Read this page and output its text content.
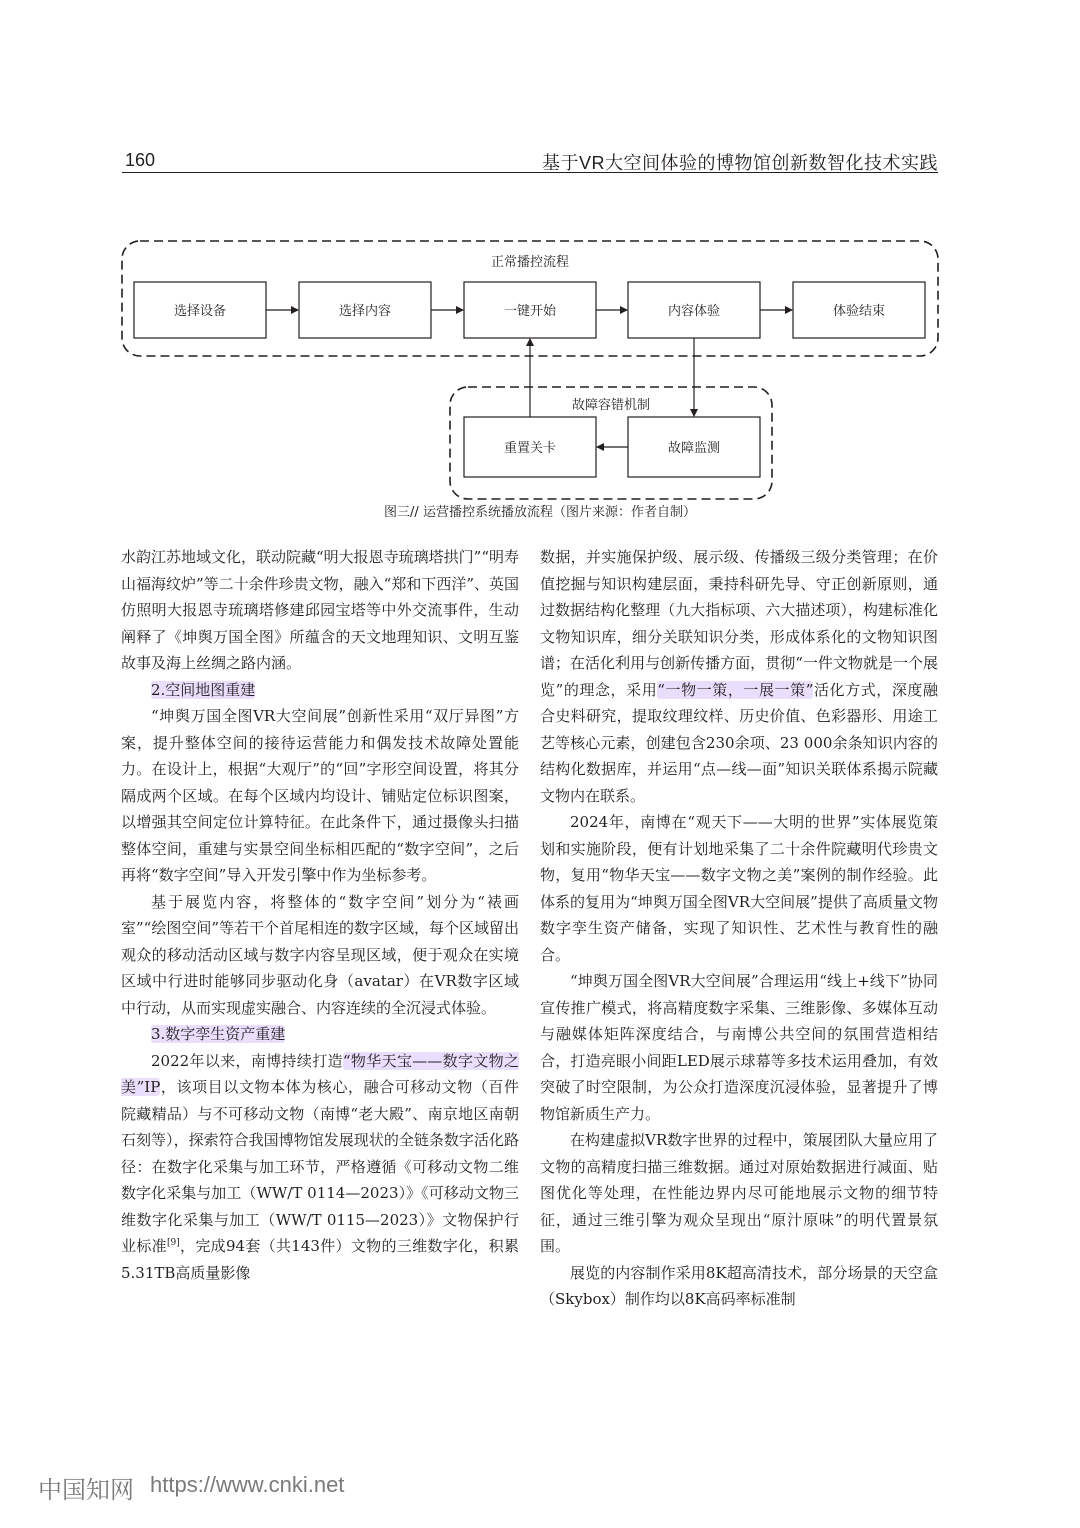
160	基于VR大空间体验的博物馆创新数智化技术实践
正常播控流程
选择设备	选择内容	一键开始	内容体验	体验结束
故障容错机制
重置关卡	故障监测
图三// 运营播控系统播放流程（图片来源：作者自制）

水韵江苏地域文化，联动院藏“明大报恩寺琉璃塔拱门”“明寿山福海纹炉”等二十余件珍贵文物，融入“郑和下西洋”、英国仿照明大报恩寺琉璃塔修建邱园宝塔等中外交流事件，生动阐释了《坤舆万国全图》所蕴含的天文地理知识、文明互鉴故事及海上丝绸之路内涵。

2.空间地图重建

“坤舆万国全图VR大空间展”创新性采用“双厅异图”方案，提升整体空间的接待运营能力和偶发技术故障处置能力。在设计上，根据“大观厅”的“回”字形空间设置，将其分隔成两个区域。在每个区域内均设计、铺贴定位标识图案，以增强其空间定位计算特征。在此条件下，通过摄像头扫描整体空间，重建与实景空间坐标相匹配的“数字空间”，之后再将“数字空间”导入开发引擎中作为坐标参考。

基于展览内容，将整体的“数字空间”划分为“裱画室”“绘图空间”等若干个首尾相连的数字区域，每个区域留出观众的移动活动区域与数字内容呈现区域，便于观众在实境区域中行进时能够同步驱动化身（avatar）在VR数字区域中行动，从而实现虚实融合、内容连续的全沉浸式体验。

3.数字孪生资产重建

2022年以来，南博持续打造“物华天宝——数字文物之美”IP，该项目以文物本体为核心，融合可移动文物（百件院藏精品）与不可移动文物（南博“老大殿”、南京地区南朝石刻等），探索符合我国博物馆发展现状的全链条数字活化路径：在数字化采集与加工环节，严格遵循《可移动文物二维数字化采集与加工（WW/T 0114—2023）》《可移动文物三维数字化采集与加工（WW/T 0115—2023）》文物保护行业标准[9]，完成94套（共143件）文物的三维数字化，积累5.31TB高质量影像

数据，并实施保护级、展示级、传播级三级分类管理；在价值挖掘与知识构建层面，秉持科研先导、守正创新原则，通过数据结构化整理（九大指标项、六大描述项），构建标准化文物知识库，细分关联知识分类，形成体系化的文物知识图谱；在活化利用与创新传播方面，贯彻“一件文物就是一个展览”的理念，采用“一物一策，一展一策”活化方式，深度融合史料研究，提取纹理纹样、历史价值、色彩器形、用途工艺等核心元素，创建包含230余项、23 000余条知识内容的结构化数据库，并运用“点—线—面”知识关联体系揭示院藏文物内在联系。

2024年，南博在“观天下——大明的世界”实体展览策划和实施阶段，便有计划地采集了二十余件院藏明代珍贵文物，复用“物华天宝——数字文物之美”案例的制作经验。此体系的复用为“坤舆万国全图VR大空间展”提供了高质量文物数字孪生资产储备，实现了知识性、艺术性与教育性的融合。

“坤舆万国全图VR大空间展”合理运用“线上+线下”协同宣传推广模式，将高精度数字采集、三维影像、多媒体互动与融媒体矩阵深度结合，与南博公共空间的氛围营造相结合，打造亮眼小间距LED展示球幕等多技术运用叠加，有效突破了时空限制，为公众打造深度沉浸体验，显著提升了博物馆新质生产力。

在构建虚拟VR数字世界的过程中，策展团队大量应用了文物的高精度扫描三维数据。通过对原始数据进行减面、贴图优化等处理，在性能边界内尽可能地展示文物的细节特征，通过三维引擎为观众呈现出“原汁原味”的明代置景氛围。

展览的内容制作采用8K超高清技术，部分场景的天空盒（Skybox）制作均以8K高码率标准制

中国知网 https://www.cnki.net
